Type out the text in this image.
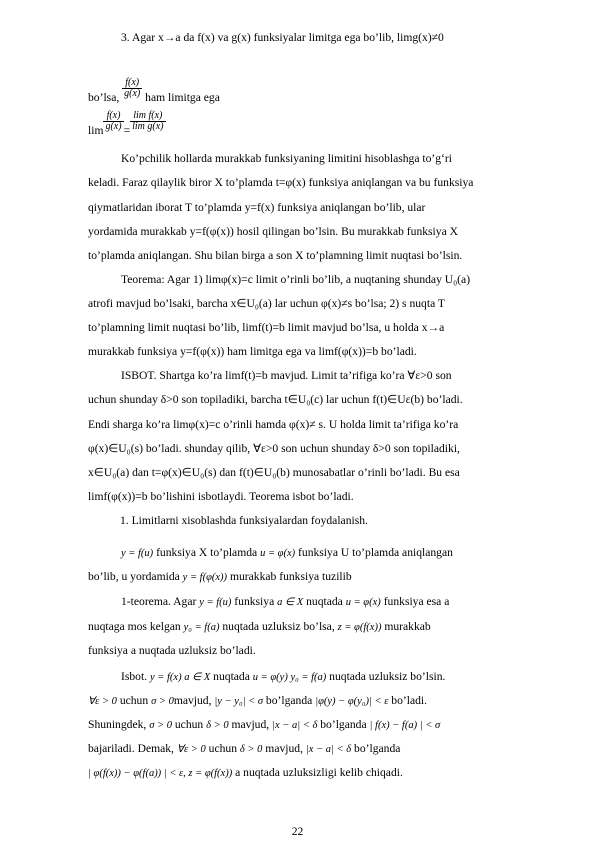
3. Agar x→a da f(x) va g(x) funksiyalar limitga ega bo’lib, limg(x)≠0
bo’lsa, $\frac{f(x)}{g(x)}$ ham limitga ega
$\lim \frac{f(x)}{g(x)} = \frac{\text{lim f(x)}}{\text{lim g(x)}}$
Ko’pchilik hollarda murakkab funksiyaning limitini hisoblashga to’g‘ri
keladi. Faraz qilaylik biror X to’plamda t=φ(x) funksiya aniqlangan va bu funksiya
qiymatlaridan iborat T to’plamda y=f(x) funksiya aniqlangan bo’lib, ular
yordamida murakkab y=f(φ(x)) hosil qilingan bo’lsin. Bu murakkab funksiya X
to’plamda aniqlangan. Shu bilan birga a son X to’plamning limit nuqtasi bo’lsin.
Teorema: Agar 1) limφ(x)=c limit o’rinli bo’lib, a nuqtaning shunday U₀(a)
atrofi mavjud bo’lsaki, barcha x∈U₀(a) lar uchun φ(x)≠s bo’lsa; 2) s nuqta T
to’plamning limit nuqtasi bo’lib, limf(t)=b limit mavjud bo’lsa, u holda x→a
murakkab funksiya y=f(φ(x)) ham limitga ega va limf(φ(x))=b bo’ladi.
ISBOT. Shartga ko’ra limf(t)=b mavjud. Limit ta’rifiga ko’ra ∀ε>0 son
uchun shunday δ>0 son topiladiki, barcha t∈U₀(c) lar uchun f(t)∈Uε(b) bo’ladi.
Endi sharga ko’ra limφ(x)=c o’rinli hamda φ(x)≠ s. U holda limit ta’rifiga ko’ra
φ(x)∈U₀(s) bo’ladi. shunday qilib, ∀ε>0 son uchun shunday δ>0 son topiladiki,
x∈U₀(a) dan t=φ(x)∈U₀(s) dan f(t)∈U₀(b) munosabatlar o’rinli bo’ladi. Bu esa
limf(φ(x))=b bo’lishini isbotlaydi. Teorema isbot bo’ladi.
1. Limitlarni xisoblashda funksiyalardan foydalanish.
y = f(u) funksiya X to’plamda u = φ(x) funksiya U to’plamda aniqlangan
bo’lib, u yordamida y = f(φ(x)) murakkab funksiya tuzilib
1-teorema. Agar y = f(u) funksiya a ∈ X nuqtada u = φ(x) funksiya esa a
nuqtaga mos kelgan y₀ = f(a) nuqtada uzluksiz bo’lsa, z = φ(f(x)) murakkab
funksiya a nuqtada uzluksiz bo’ladi.
Isbot. y = f(x) a ∈ X nuqtada u = φ(y) y₀ = f(a) nuqtada uzluksiz bo’lsin.
∀ε > 0 uchun σ > 0mavjud, |y − y₀| < σ bo’lganda |φ(y) − φ(y₀)| < ε bo’ladi.
Shuningdek, σ > 0 uchun δ > 0 mavjud, |x − a| < δ bo’lganda | f(x) − f(a) | < σ
bajariladi. Demak, ∀ε > 0 uchun δ > 0 mavjud, |x − a| < δ bo’lganda
| φ(f(x)) − φ(f(a)) | < ε, z = φ(f(x)) a nuqtada uzluksizligi kelib chiqadi.
22
